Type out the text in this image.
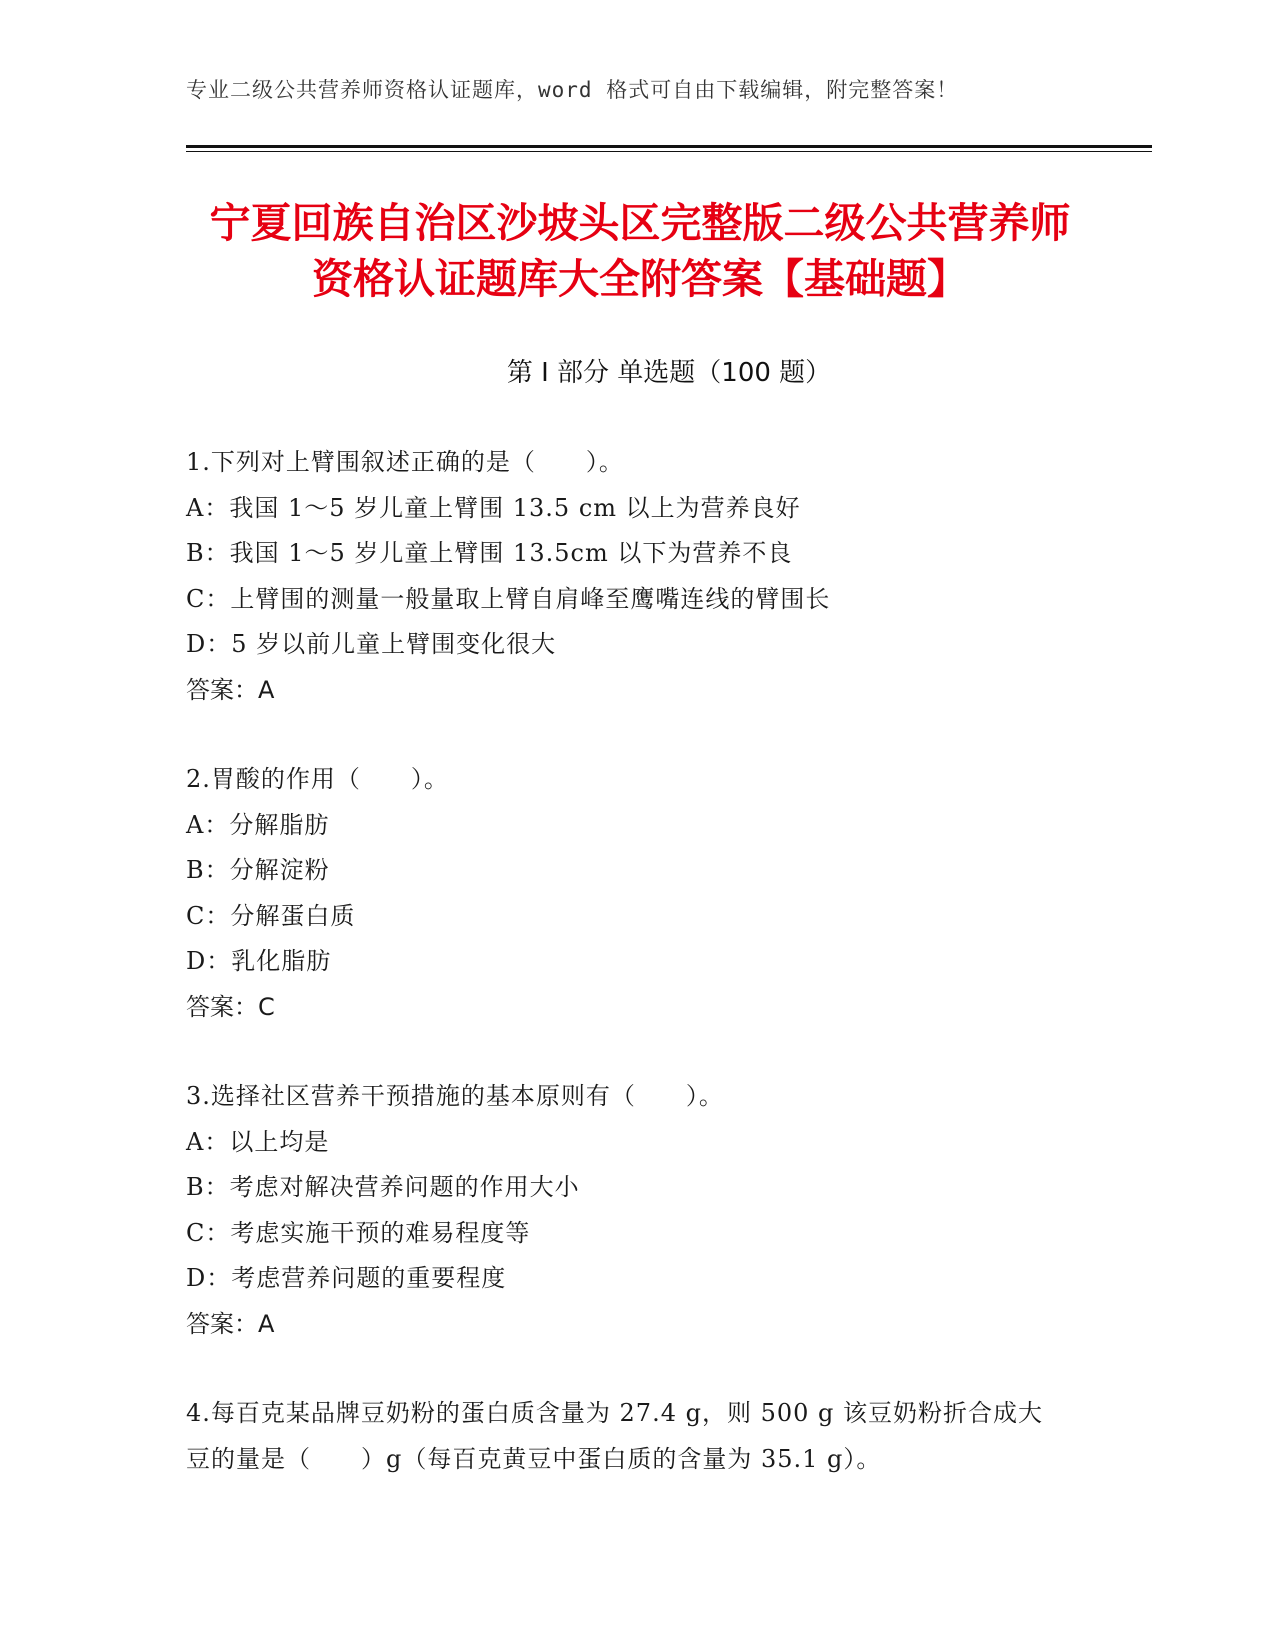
专业二级公共营养师资格认证题库，word 格式可自由下载编辑，附完整答案！
宁夏回族自治区沙坡头区完整版二级公共营养师资格认证题库大全附答案【基础题】
第 I 部分 单选题（100 题）
1.下列对上臂围叙述正确的是（　　）。
A：我国 1～5 岁儿童上臂围 13.5 cm 以上为营养良好
B：我国 1～5 岁儿童上臂围 13.5cm 以下为营养不良
C：上臂围的测量一般量取上臂自肩峰至鹰嘴连线的臂围长
D：5 岁以前儿童上臂围变化很大
答案：A
2.胃酸的作用（　　）。
A：分解脂肪
B：分解淀粉
C：分解蛋白质
D：乳化脂肪
答案：C
3.选择社区营养干预措施的基本原则有（　　）。
A：以上均是
B：考虑对解决营养问题的作用大小
C：考虑实施干预的难易程度等
D：考虑营养问题的重要程度
答案：A
4.每百克某品牌豆奶粉的蛋白质含量为 27.4 g，则 500 g 该豆奶粉折合成大豆的量是（　　）g（每百克黄豆中蛋白质的含量为 35.1 g）。
